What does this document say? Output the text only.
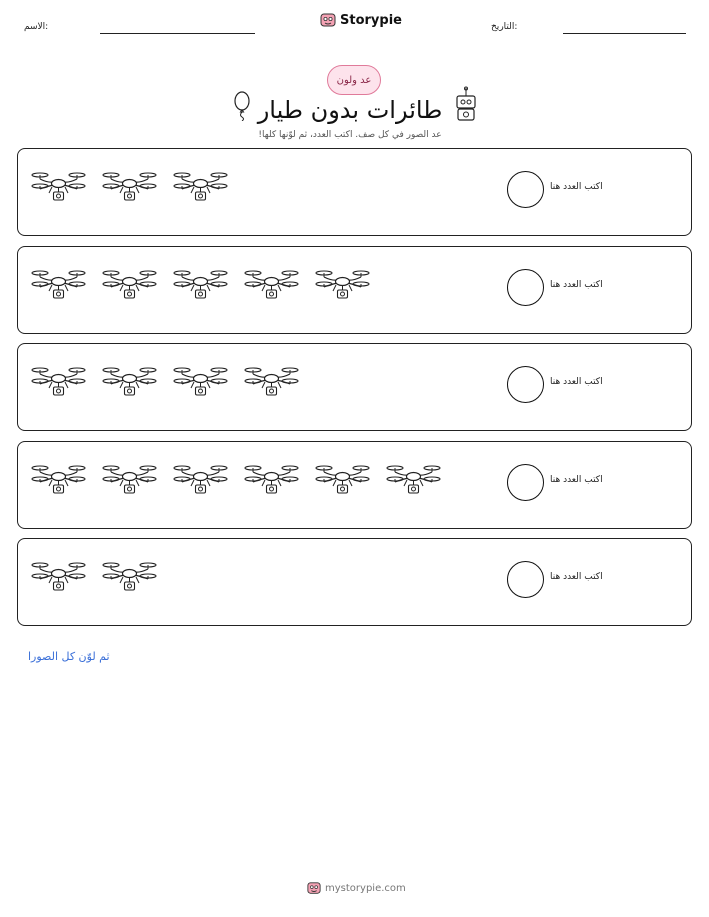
الاسم:	Storypie	التاريخ:
عد ولون
طائرات بدون طيار
عد الصور في كل صف. اكتب العدد، ثم لوّنها كلها!
اكتب العدد هنا
اكتب العدد هنا
اكتب العدد هنا
اكتب العدد هنا
اكتب العدد هنا
ثم لوّن كل الصورا
mystorypie.com
